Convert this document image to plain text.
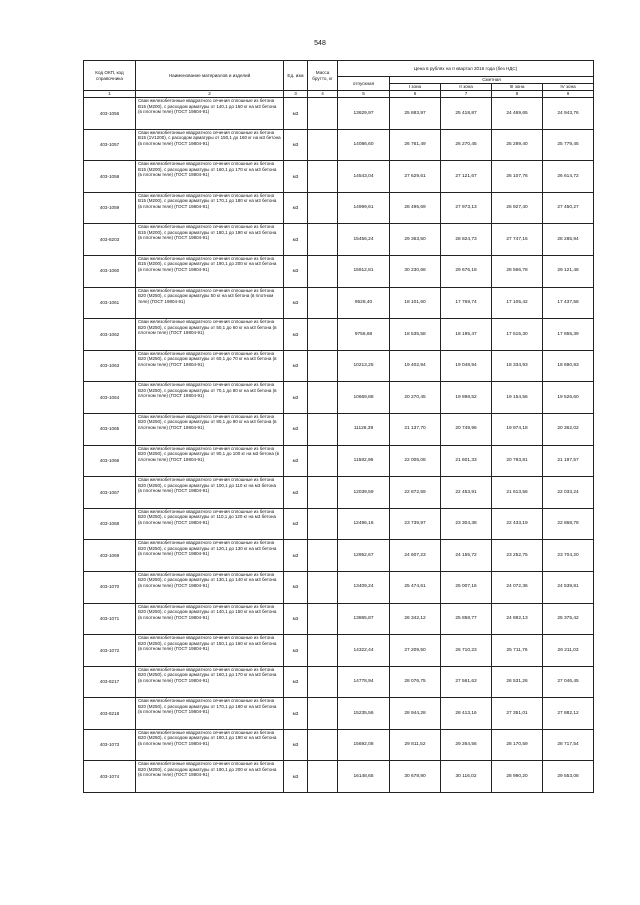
548
Код ОКП, код справочника	Наименование материалов и изделий	Ед. изм	Масса брутто, кг	Цена в рублях на II квартал 2016 года (без НДС)				
				отпускная	Сметная			
					I зона	II зона	III зона	IV зона
1	2	3	4	5	6	7	8	9
403-1056	Сваи железобетонные квадратного сечения сплошные из бетона В15 (М200), с расходом арматуры от 140,1 до 150 кг на м3 бетона (в плотном теле) (ГОСТ 19804-91)	м3		13629,97	25 883,97	25 418,87	24 469,65	24 943,76
403-1057	Сваи железобетонные квадратного сечения сплошные из бетона В15 (1V1200), с расходом арматуры от 150,1 до 160 кг на м3 бетона (в плотном теле) (ГОСТ 19804-91)	м3		14086,60	26 761,49	26 270,45	25 289,40	25 779,45
403-1058	Сваи железобетонные квадратного сечения сплошные из бетона В15 (М200), с расходом арматуры от 160,1 до 170 кг на м3 бетона (в плотном теле) (ГОСТ 19804-91)	м3		14543,04	27 629,61	27 121,67	26 107,76	26 614,72
403-1059	Сваи железобетонные квадратного сечения сплошные из бетона В15 (М200), с расходом арматуры от 170,1 до 180 кг на м3 бетона (в плотном теле) (ГОСТ 19804-91)	м3		14999,61	28 495,69	27 973,13	26 927,40	27 450,27
403-8203	Сваи железобетонные квадратного сечения сплошные из бетона В15 (М200), с расходом арматуры от 180,1 до 190 кг на м3 бетона (в плотном теле) (ГОСТ 19804-91)	м3		15456,24	29 363,50	28 824,73	27 747,16	28 285,94
403-1060	Сваи железобетонные квадратного сечения сплошные из бетона В15 (М200), с расходом арматуры от 190,1 до 200 кг на м3 бетона (в плотном теле) (ГОСТ 19804-91)	м3		15912,81	30 230,68	29 676,18	28 566,78	29 121,48
403-1061	Сваи железобетонные квадратного сечения сплошные из бетона В20 (М250), с расходом арматуры 50 кг на м3 бетона (в плотном теле) (ГОСТ 19804-91)	м3		9528,40	18 101,60	17 769,74	17 105,42	17 437,58
403-1062	Сваи железобетонные квадратного сечения сплошные из бетона В20 (М250), с расходом арматуры от 50,1 до 60 кг на м3 бетона (в плотном теле) (ГОСТ 19804-91)	м3		9756,68	18 535,58	18 195,47	17 515,30	17 855,39
403-1063	Сваи железобетонные квадратного сечения сплошные из бетона В20 (М250), с расходом арматуры от 60,1 до 70 кг на м3 бетона (в плотном теле) (ГОСТ 19804-91)	м3		10213,25	19 402,94	19 048,94	18 334,93	18 690,93
403-1064	Сваи железобетонные квадратного сечения сплошные из бетона В20 (М250), с расходом арматуры от 70,1 до 80 кг на м3 бетона (в плотном теле) (ГОСТ 19804-91)	м3		10669,88	20 270,45	19 898,52	19 154,56	19 526,60
403-1065	Сваи железобетонные квадратного сечения сплошные из бетона В20 (М250), с расходом арматуры от 80,1 до 90 кг на м3 бетона (в плотном теле) (ГОСТ 19804-91)	м3		11126,39	21 137,70	20 749,96	19 974,18	20 362,02
403-1066	Сваи железобетонные квадратного сечения сплошные из бетона В20 (М250), с расходом арматуры от 90,1 до 100 кг на м3 бетона (в плотном теле) (ГОСТ 19804-91)	м3		11582,96	22 005,08	21 601,33	20 793,81	21 197,57
403-1067	Сваи железобетонные квадратного сечения сплошные из бетона В20 (М250), с расходом арматуры от 100,1 до 110 кг на м3 бетона (в плотном теле) (ГОСТ 19804-91)	м3		12039,59	22 872,59	22 453,91	21 613,56	22 033,24
403-1068	Сваи железобетонные квадратного сечения сплошные из бетона В20 (М250), с расходом арматуры от 110,1 до 120 кг на м3 бетона (в плотном теле) (ГОСТ 19804-91)	м3		12496,16	23 739,97	23 304,38	22 433,19	22 868,78
403-1069	Сваи железобетонные квадратного сечения сплошные из бетона В20 (М250), с расходом арматуры от 120,1 до 130 кг на м3 бетона (в плотном теле) (ГОСТ 19804-91)	м3		12952,67	24 607,23	24 155,72	23 252,75	23 704,20
403-1070	Сваи железобетонные квадратного сечения сплошные из бетона В20 (М250), с расходом арматуры от 130,1 до 140 кг на м3 бетона (в плотном теле) (ГОСТ 19804-91)	м3		13409,24	25 474,61	25 007,16	24 072,36	24 539,81
403-1071	Сваи железобетонные квадратного сечения сплошные из бетона В20 (М250), с расходом арматуры от 140,1 до 150 кг на м3 бетона (в плотном теле) (ГОСТ 19804-91)	м3		13865,87	26 342,12	25 858,77	24 892,13	25 375,42
403-1072	Сваи железобетонные квадратного сечения сплошные из бетона В20 (М250), с расходом арматуры от 150,1 до 160 кг на м3 бетона (в плотном теле) (ГОСТ 19804-91)	м3		14322,44	27 209,50	26 710,23	25 711,76	26 211,03
403-8217	Сваи железобетонные квадратного сечения сплошные из бетона В20 (М250), с расходом арматуры от 160,1 до 170 кг на м3 бетона (в плотном теле) (ГОСТ 19804-91)	м3		14778,94	28 076,75	27 561,63	26 531,26	27 046,45
403-8218	Сваи железобетонные квадратного сечения сплошные из бетона В20 (М250), с расходом арматуры от 170,1 до 180 кг на м3 бетона (в плотном теле) (ГОСТ 19804-91)	м3		15235,56	28 944,28	28 413,16	27 351,01	27 882,12
403-1073	Сваи железобетонные квадратного сечения сплошные из бетона В20 (М250), с расходом арматуры от 180,1 до 190 кг на м3 бетона (в плотном теле) (ГОСТ 19804-91)	м3		15692,08	29 811,52	29 264,56	28 170,59	28 717,54
403-1074	Сваи железобетонные квадратного сечения сплошные из бетона В20 (М250), с расходом арматуры от 190,1 до 200 кг на м3 бетона (в плотном теле) (ГОСТ 19804-91)	м3		16148,65	30 678,90	30 116,02	28 990,20	29 553,08
